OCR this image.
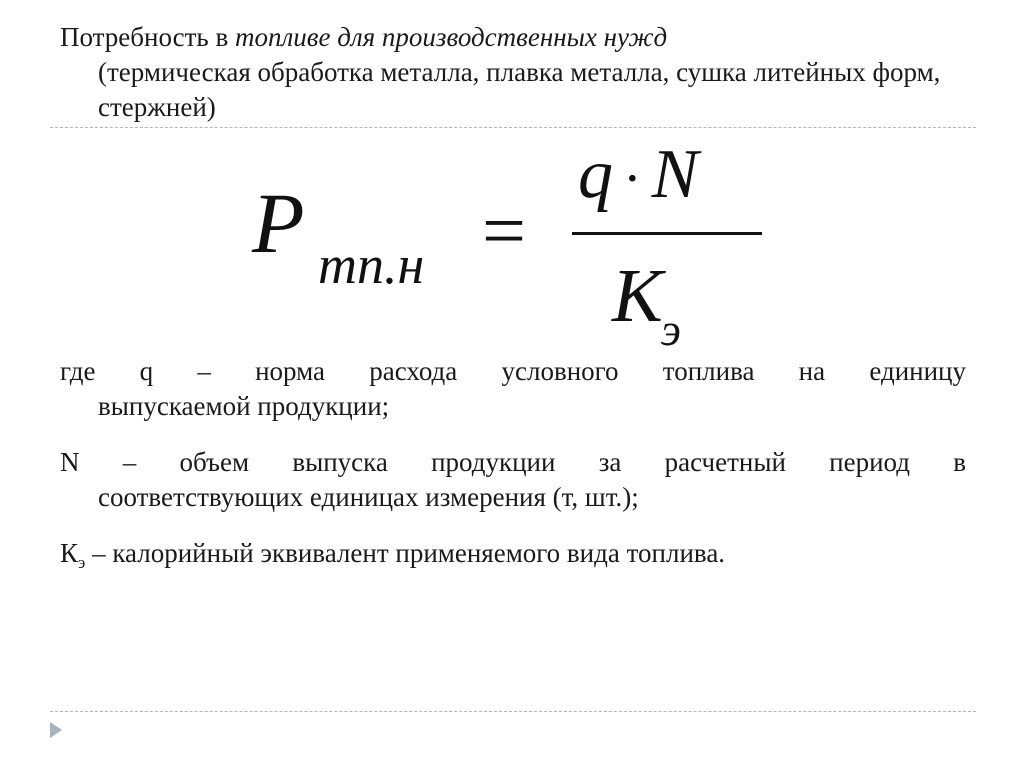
Потребность в топливе для производственных нужд
(термическая обработка металла, плавка металла, сушка литейных форм, стержней)
P тп.н =
q · N
$K_э$
где q – норма расхода условного топлива на единицу
выпускаемой продукции;
N – объем выпуска продукции за расчетный период в
соответствующих единицах измерения (т, шт.);
$К_э$ – калорийный эквивалент применяемого вида топлива.
